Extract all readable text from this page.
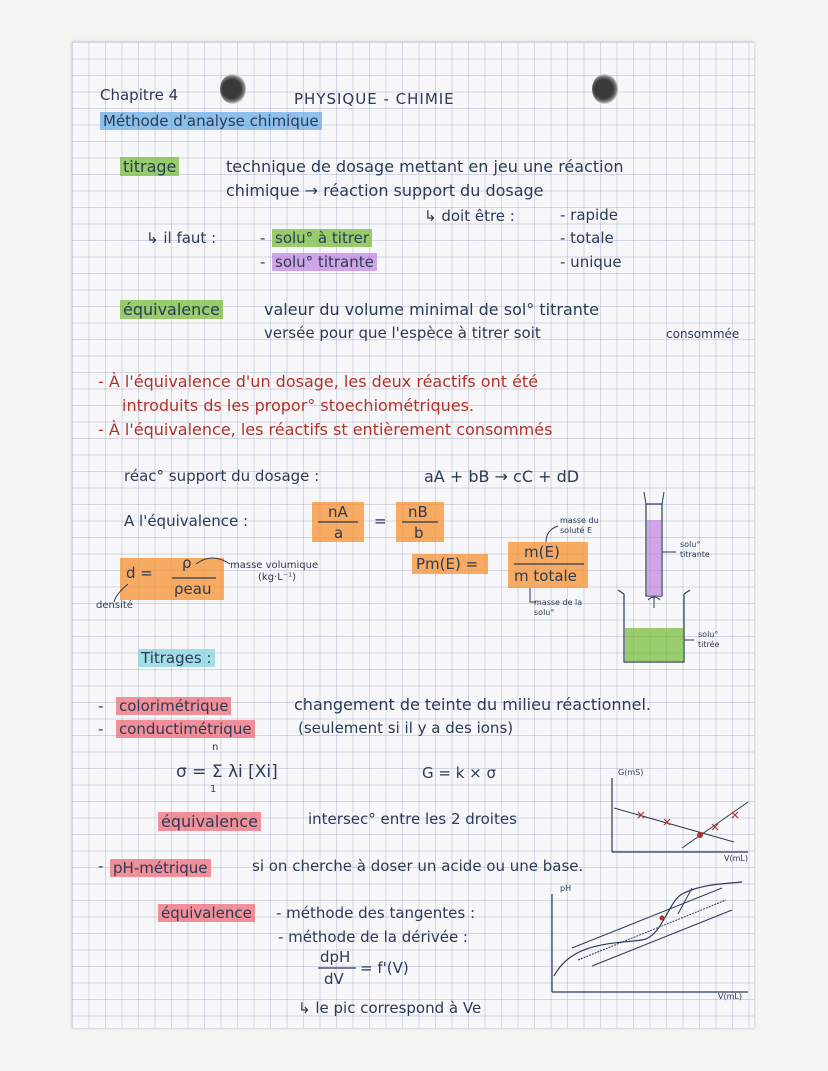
Chapitre 4	PHYSIQUE - CHIMIE
Méthode d'analyse chimique
titrage	technique de dosage mettant en jeu une réaction
chimique → réaction support du dosage
↳ doit être :	- rapide
- totale
- unique
↳ il faut :	- solu° à titrer
- solu° titrante
équivalence	valeur du volume minimal de sol° titrante
versée pour que l'espèce à titrer soit	consommée
- À l'équivalence d'un dosage, les deux réactifs ont été
introduits ds les propor° stoechiométriques.
- À l'équivalence, les réactifs st entièrement consommés
réac° support du dosage :	aA + bB → cC + dD
A l'équivalence :	nA
a
= nB
b
d =
ρ
ρeau
masse volumique
(kg·L⁻¹)
densité
Pm(E) =
m(E)
m totale
masse du
soluté E
masse de la
solu°
solu°
titrante
solu°
titrée
Titrages :
- colorimétrique	changement de teinte du milieu réactionnel.
- conductimétrique	(seulement si il y a des ions)
n
σ = Σ λi [Xi]
1
G = k × σ
équivalence	intersec° entre les 2 droites
G(mS)
V(mL)
- pH-métrique	si on cherche à doser un acide ou une base.
équivalence - méthode des tangentes :
- méthode de la dérivée :
dpH
dV
= f'(V)
↳ le pic correspond à Ve
pH
V(mL)
